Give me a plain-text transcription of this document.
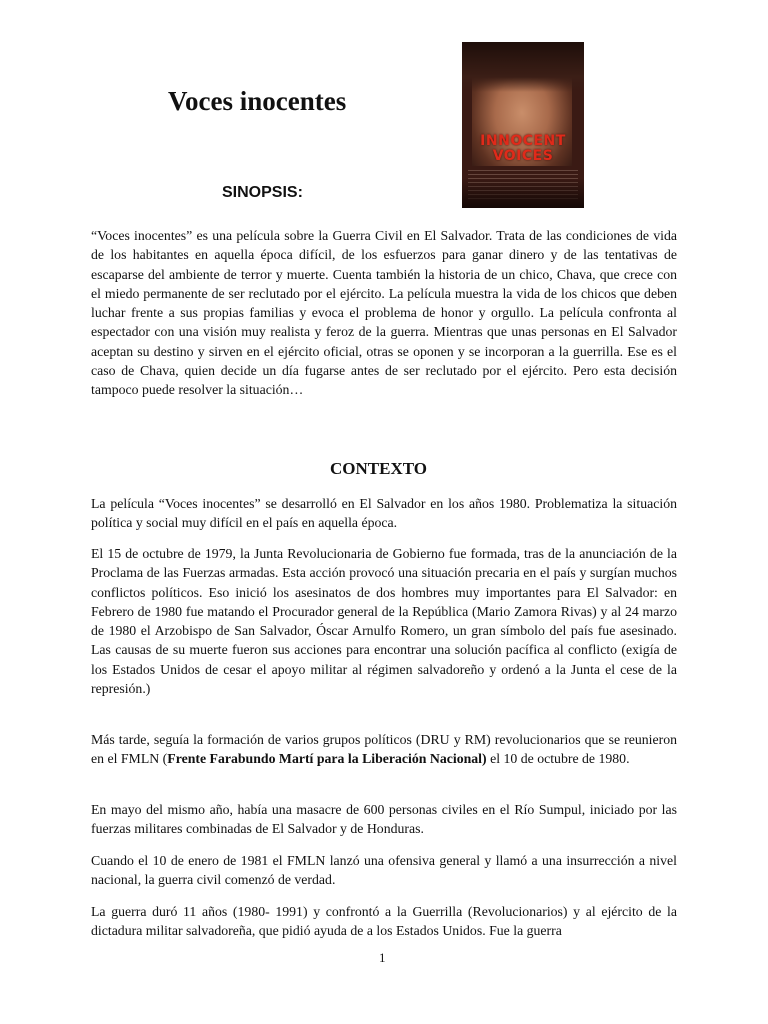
Voces inocentes
INNOCENT
VOICES
SINOPSIS:

“Voces inocentes” es una película sobre la Guerra Civil en El Salvador. Trata de las condiciones de vida de los habitantes en aquella época difícil, de los esfuerzos para ganar dinero y de las tentativas de escaparse del ambiente de terror y muerte. Cuenta también la historia de un chico, Chava, que crece con el miedo permanente de ser reclutado por el ejército. La película muestra la vida de los chicos que deben luchar frente a sus propias familias y evoca el problema de honor y orgullo. La película confronta al espectador con una visión muy realista y feroz de la guerra. Mientras que unas personas en El Salvador aceptan su destino y sirven en el ejército oficial, otras se oponen y se incorporan a la guerrilla. Ese es el caso de Chava, quien decide un día fugarse antes de ser reclutado por el ejército. Pero esta decisión tampoco puede resolver la situación…

CONTEXTO

La película “Voces inocentes” se desarrolló en El Salvador en los años 1980. Problematiza la situación política y social muy difícil en el país en aquella época.

El 15 de octubre de 1979, la Junta Revolucionaria de Gobierno fue formada, tras de la anunciación de la Proclama de las Fuerzas armadas. Esta acción provocó una situación precaria en el país y surgían muchos conflictos políticos. Eso inició los asesinatos de dos hombres muy importantes para El Salvador: en Febrero de 1980 fue matando el Procurador general de la República (Mario Zamora Rivas) y al 24 marzo de 1980 el Arzobispo de San Salvador, Óscar Arnulfo Romero, un gran símbolo del país fue asesinado. Las causas de su muerte fueron sus acciones para encontrar una solución pacífica al conflicto (exigía de los Estados Unidos de cesar el apoyo militar al régimen salvadoreño y ordenó a la Junta el cese de la represión.)

Más tarde, seguía la formación de varios grupos políticos (DRU y RM) revolucionarios que se reunieron en el FMLN (Frente Farabundo Martí para la Liberación Nacional) el 10 de octubre de 1980.

En mayo del mismo año, había una masacre de 600 personas civiles en el Río Sumpul, iniciado por las fuerzas militares combinadas de El Salvador y de Honduras.

Cuando el 10 de enero de 1981 el FMLN lanzó una ofensiva general y llamó a una insurrección a nivel nacional, la guerra civil comenzó de verdad.

La guerra duró 11 años (1980- 1991) y confrontó a la Guerrilla (Revolucionarios) y al ejército de la dictadura militar salvadoreña, que pidió ayuda de a los Estados Unidos. Fue la guerra

1
